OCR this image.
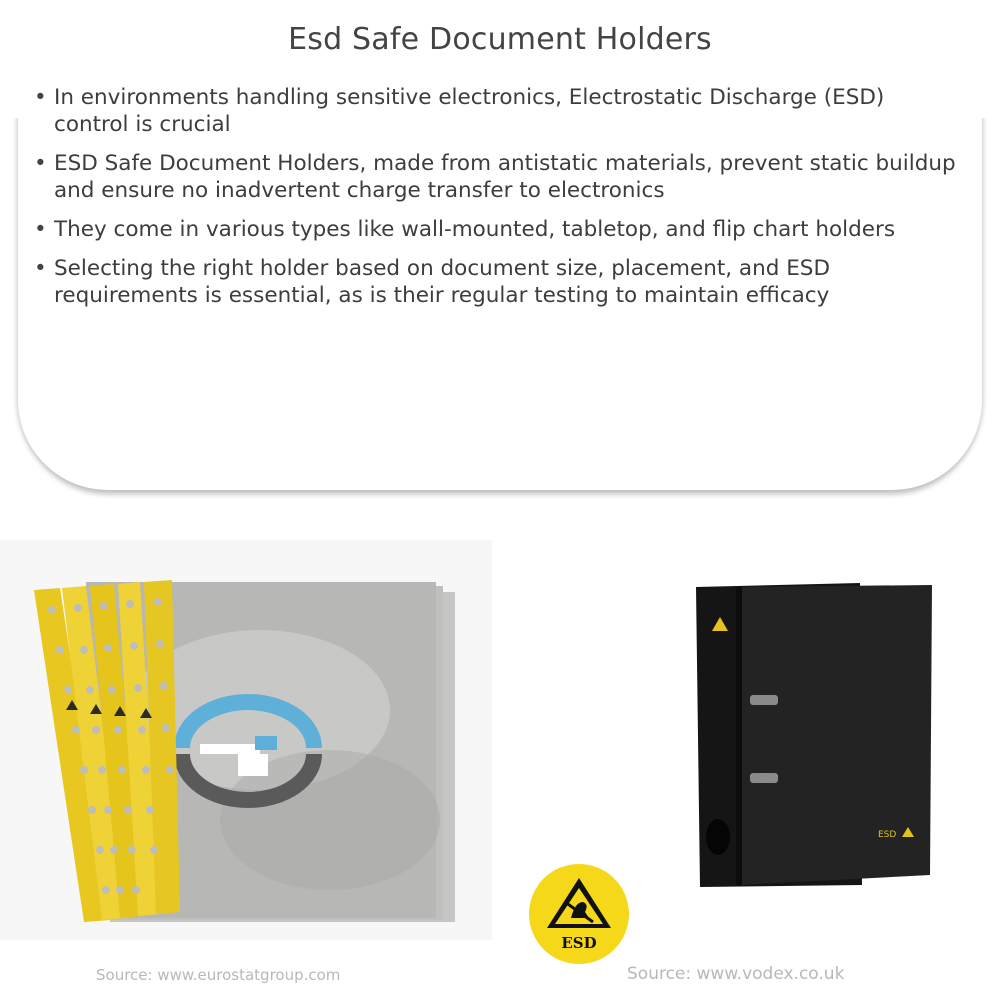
Esd Safe Document Holders
• In environments handling sensitive electronics, Electrostatic Discharge (ESD) control is crucial
• ESD Safe Document Holders, made from antistatic materials, prevent static buildup and ensure no inadvertent charge transfer to electronics
• They come in various types like wall-mounted, tabletop, and flip chart holders
• Selecting the right holder based on document size, placement, and ESD requirements is essential, as is their regular testing to maintain efficacy
ESD
ESD
Source: www.eurostatgroup.com	Source: www.vodex.co.uk
